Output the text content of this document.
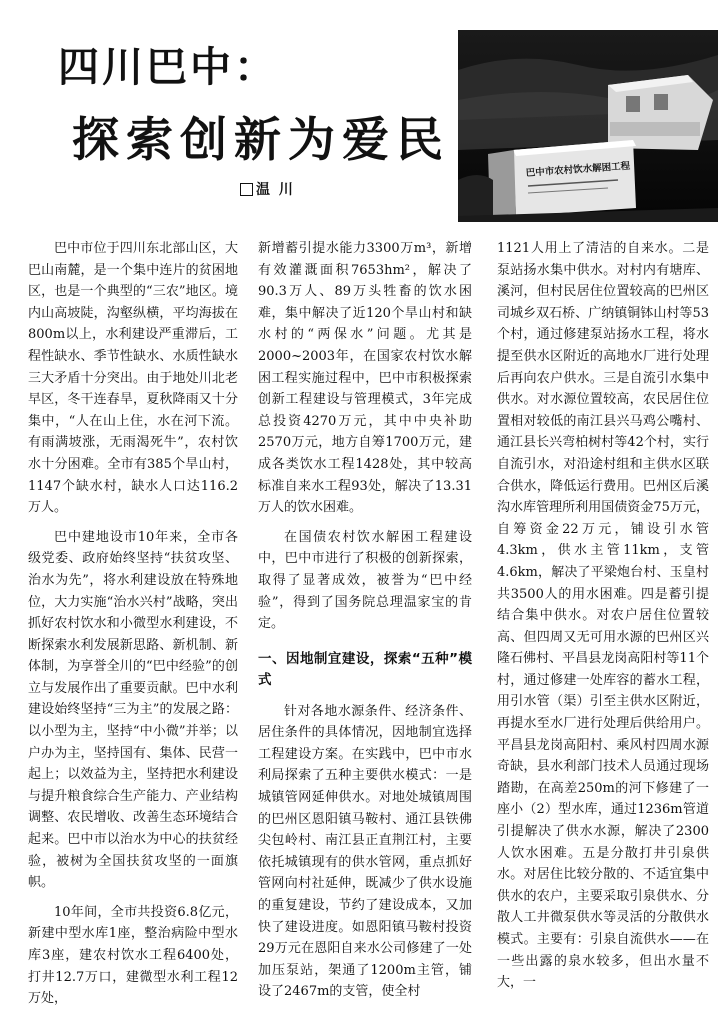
四川巴中：
探索创新为爱民
温 川
巴中市农村饮水解困工程

巴中市位于四川东北部山区，大巴山南麓，是一个集中连片的贫困地区，也是一个典型的“三农”地区。境内山高坡陡，沟壑纵横，平均海拔在800m以上，水利建设严重滞后，工程性缺水、季节性缺水、水质性缺水三大矛盾十分突出。由于地处川北老早区，冬干连春旱，夏秋降雨又十分集中，“人在山上住，水在河下流。有雨满坡涨，无雨渴死牛”，农村饮水十分困难。全市有385个旱山村，1147个缺水村，缺水人口达116.2万人。

巴中建地设市10年来，全市各级党委、政府始终坚持“扶贫攻坚、治水为先”，将水利建设放在特殊地位，大力实施“治水兴村”战略，突出抓好农村饮水和小微型水利建设，不断探索水利发展新思路、新机制、新体制，为享誉全川的“巴中经验”的创立与发展作出了重要贡献。巴中水利建设始终坚持“三为主”的发展之路：以小型为主，坚持“中小微”并举；以户办为主，坚持国有、集体、民营一起上；以效益为主，坚持把水利建设与提升粮食综合生产能力、产业结构调整、农民增收、改善生态环境结合起来。巴中市以治水为中心的扶贫经验，被树为全国扶贫攻坚的一面旗帜。

10年间，全市共投资6.8亿元，新建中型水库1座，整治病险中型水库3座，建农村饮水工程6400处，打井12.7万口，建微型水利工程12万处，

新增蓄引提水能力3300万m³，新增有效灌溉面积7653hm²，解决了90.3万人、89万头牲畜的饮水困难，集中解决了近120个旱山村和缺水村的“两保水”问题。尤其是2000~2003年，在国家农村饮水解困工程实施过程中，巴中市积极探索创新工程建设与管理模式，3年完成总投资4270万元，其中中央补助2570万元，地方自筹1700万元，建成各类饮水工程1428处，其中较高标准自来水工程93处，解决了13.31万人的饮水困难。

在国债农村饮水解困工程建设中，巴中市进行了积极的创新探索，取得了显著成效，被誉为“巴中经验”，得到了国务院总理温家宝的肯定。

一、因地制宜建设，探索“五种”模式

针对各地水源条件、经济条件、居住条件的具体情况，因地制宜选择工程建设方案。在实践中，巴中市水利局探索了五种主要供水模式：一是城镇管网延伸供水。对地处城镇周围的巴州区恩阳镇马鞍村、通江县铁佛尖包岭村、南江县正直荆江村，主要依托城镇现有的供水管网，重点抓好管网向村社延伸，既减少了供水设施的重复建设，节约了建设成本，又加快了建设进度。如恩阳镇马鞍村投资29万元在恩阳自来水公司修建了一处加压泵站，架通了1200m主管，铺设了2467m的支管，使全村

1121人用上了清洁的自来水。二是泵站扬水集中供水。对村内有塘库、溪河，但村民居住位置较高的巴州区司城乡双石桥、广纳镇铜钵山村等53个村，通过修建泵站扬水工程，将水提至供水区附近的高地水厂进行处理后再向农户供水。三是自流引水集中供水。对水源位置较高，农民居住位置相对较低的南江县兴马鸡公嘴村、通江县长兴弯柏树村等42个村，实行自流引水，对沿途村组和主供水区联合供水，降低运行费用。巴州区后溪沟水库管理所利用国债资金75万元，自筹资金22万元，铺设引水管4.3km，供水主管11km，支管4.6km，解决了平梁炮台村、玉皇村共3500人的用水困难。四是蓄引提结合集中供水。对农户居住位置较高、但四周又无可用水源的巴州区兴隆石佛村、平昌县龙岗高阳村等11个村，通过修建一处库容的蓄水工程，用引水管（渠）引至主供水区附近，再提水至水厂进行处理后供给用户。平昌县龙岗高阳村、乘风村四周水源奇缺，县水利部门技术人员通过现场踏勘，在高差250m的河下修建了一座小（2）型水库，通过1236m管道引提解决了供水水源，解决了2300人饮水困难。五是分散打井引泉供水。对居住比较分散的、不适宜集中供水的农户，主要采取引泉供水、分散人工井微泵供水等灵活的分散供水模式。主要有：引泉自流供水——在一些出露的泉水较多，但出水量不大，一
